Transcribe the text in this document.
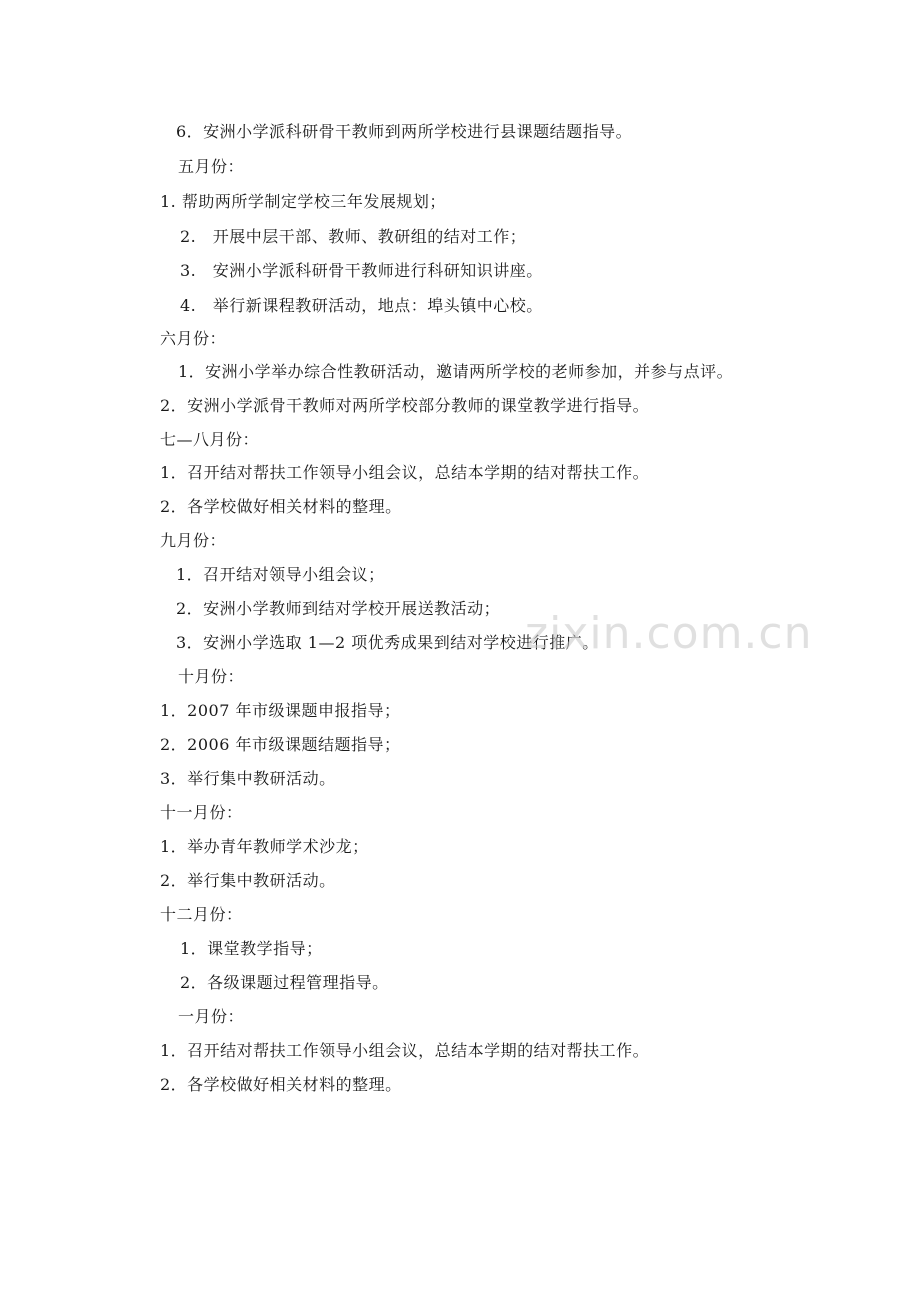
6．安洲小学派科研骨干教师到两所学校进行县课题结题指导。
五月份：
1. 帮助两所学制定学校三年发展规划；
2.　开展中层干部、教师、教研组的结对工作；
3.　安洲小学派科研骨干教师进行科研知识讲座。
4.　举行新课程教研活动，地点：埠头镇中心校。
六月份：
1．安洲小学举办综合性教研活动，邀请两所学校的老师参加，并参与点评。
2．安洲小学派骨干教师对两所学校部分教师的课堂教学进行指导。
七—八月份：
1．召开结对帮扶工作领导小组会议，总结本学期的结对帮扶工作。
2．各学校做好相关材料的整理。
九月份：
1．召开结对领导小组会议；
2．安洲小学教师到结对学校开展送教活动；
3．安洲小学选取 1—2 项优秀成果到结对学校进行推广。
十月份：
1．2007 年市级课题申报指导；
2．2006 年市级课题结题指导；
3．举行集中教研活动。
十一月份：
1．举办青年教师学术沙龙；
2．举行集中教研活动。
十二月份：
1．课堂教学指导；
2．各级课题过程管理指导。
一月份：
1．召开结对帮扶工作领导小组会议，总结本学期的结对帮扶工作。
2．各学校做好相关材料的整理。
zixin.com.cn
